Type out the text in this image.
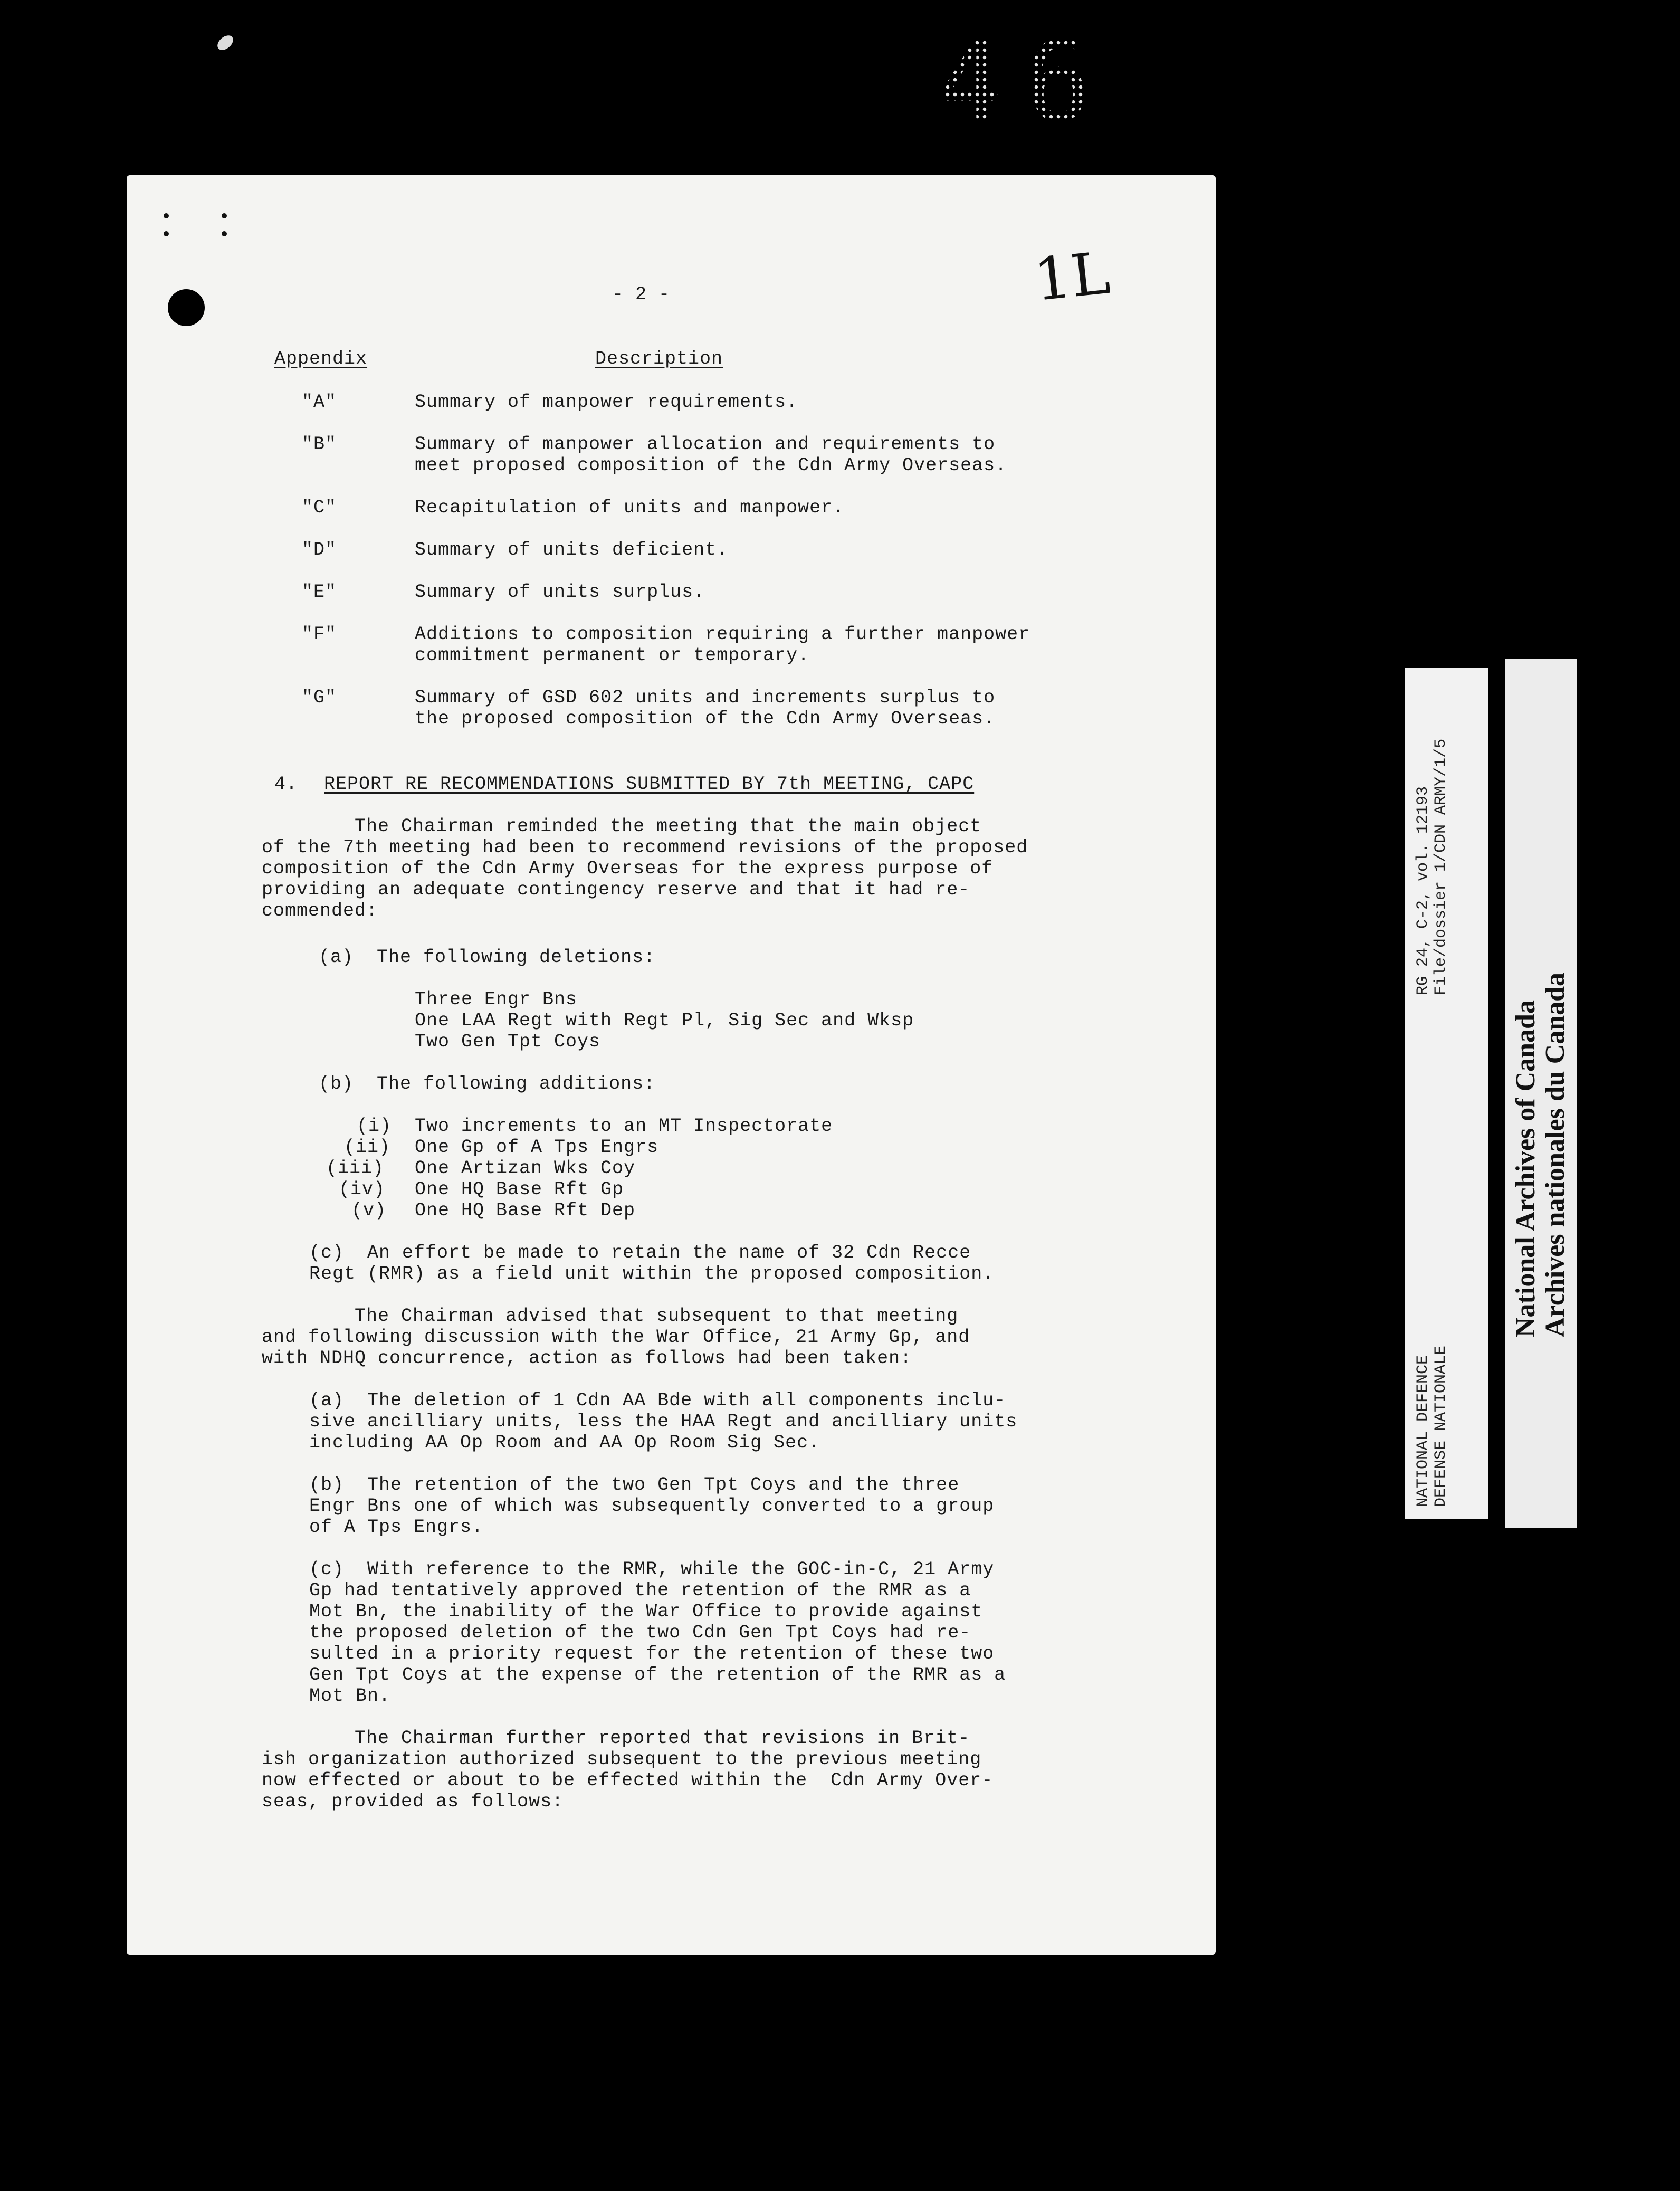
46
1L
- 2 -
Appendix	Description
"A"	Summary of manpower requirements.
"B"	Summary of manpower allocation and requirements to
meet proposed composition of the Cdn Army Overseas.
"C"	Recapitulation of units and manpower.
"D"	Summary of units deficient.
"E"	Summary of units surplus.
"F"	Additions to composition requiring a further manpower
commitment permanent or temporary.
"G"	Summary of GSD 602 units and increments surplus to
the proposed composition of the Cdn Army Overseas.
4. REPORT RE RECOMMENDATIONS SUBMITTED BY 7th MEETING, CAPC
The Chairman reminded the meeting that the main object
of the 7th meeting had been to recommend revisions of the proposed
composition of the Cdn Army Overseas for the express purpose of
providing an adequate contingency reserve and that it had re-
commended:
(a) The following deletions:
Three Engr Bns
One LAA Regt with Regt Pl, Sig Sec and Wksp
Two Gen Tpt Coys
(b) The following additions:
(i) Two increments to an MT Inspectorate
(ii) One Gp of A Tps Engrs
(iii) One Artizan Wks Coy
(iv) One HQ Base Rft Gp
(v) One HQ Base Rft Dep
(c)  An effort be made to retain the name of 32 Cdn Recce
Regt (RMR) as a field unit within the proposed composition.
The Chairman advised that subsequent to that meeting
and following discussion with the War Office, 21 Army Gp, and
with NDHQ concurrence, action as follows had been taken:
(a)  The deletion of 1 Cdn AA Bde with all components inclu-
sive ancilliary units, less the HAA Regt and ancilliary units
including AA Op Room and AA Op Room Sig Sec.
(b)  The retention of the two Gen Tpt Coys and the three
Engr Bns one of which was subsequently converted to a group
of A Tps Engrs.
(c)  With reference to the RMR, while the GOC-in-C, 21 Army
Gp had tentatively approved the retention of the RMR as a
Mot Bn, the inability of the War Office to provide against
the proposed deletion of the two Cdn Gen Tpt Coys had re-
sulted in a priority request for the retention of these two
Gen Tpt Coys at the expense of the retention of the RMR as a
Mot Bn.
The Chairman further reported that revisions in Brit-
ish organization authorized subsequent to the previous meeting
now effected or about to be effected within the  Cdn Army Over-
seas, provided as follows:
RG 24, C-2, vol. 12193 File/dossier 1/CDN ARMY/1/5
NATIONAL DEFENCE DEFENSE NATIONALE
National Archives of Canada Archives nationales du Canada
